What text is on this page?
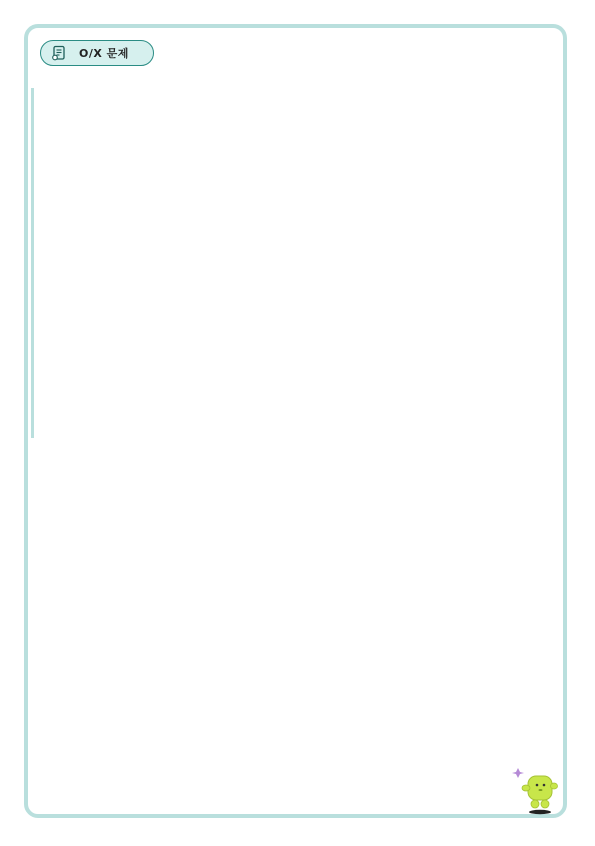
O/X 문제
